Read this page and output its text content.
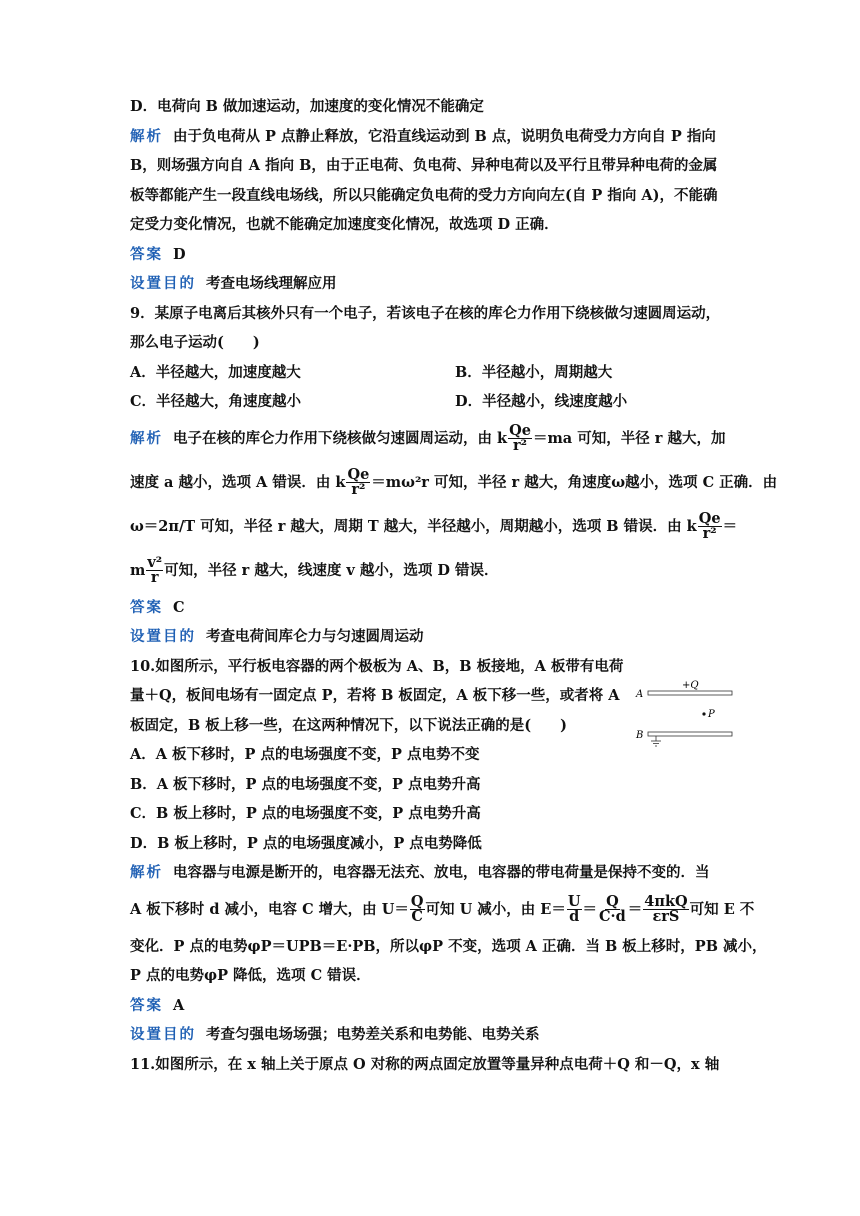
D．电荷向 B 做加速运动，加速度的变化情况不能确定
解析 由于负电荷从 P 点静止释放，它沿直线运动到 B 点，说明负电荷受力方向自 P 指向
B，则场强方向自 A 指向 B，由于正电荷、负电荷、异种电荷以及平行且带异种电荷的金属
板等都能产生一段直线电场线，所以只能确定负电荷的受力方向向左(自 P 指向 A)，不能确
定受力变化情况，也就不能确定加速度变化情况，故选项 D 正确．
答案 D
设置目的 考查电场线理解应用
9．某原子电离后其核外只有一个电子，若该电子在核的库仑力作用下绕核做匀速圆周运动，
那么电子运动(　　)
A．半径越大，加速度越大	B．半径越小，周期越大
C．半径越大，角速度越小	D．半径越小，线速度越小
解析 电子在核的库仑力作用下绕核做匀速圆周运动，由 k $\frac{Qe}{\text{r²}} =ma$ 可知，半径 r 越大，加
速度 a 越小，选项 A 错误．由 k $\frac{Qe}{\text{r²}} =m\omega^2r$ 可知，半径 r 越大，角速度ω越小，选项 C 正确．由
ω＝2π/T 可知，半径 r 越大，周期 T 越大，半径越小，周期越小，选项 B 错误．由 k $\frac{Qe}{\text{r²}}$ ＝
m $\frac{\text{v²}}{r}$ 可知，半径 r 越大，线速度 v 越小，选项 D 错误．
答案 C
设置目的 考查电荷间库仑力与匀速圆周运动
10.如图所示，平行板电容器的两个极板为 A、B，B 板接地，A 板带有电荷
量＋Q，板间电场有一固定点 P，若将 B 板固定，A 板下移一些，或者将 A
板固定，B 板上移一些，在这两种情况下，以下说法正确的是(　　)
A．A 板下移时，P 点的电场强度不变，P 点电势不变
B．A 板下移时，P 点的电场强度不变，P 点电势升高
C．B 板上移时，P 点的电场强度不变，P 点电势升高
D．B 板上移时，P 点的电场强度减小，P 点电势降低
解析 电容器与电源是断开的，电容器无法充、放电，电容器的带电荷量是保持不变的．当
A 板下移时 d 减小，电容 C 增大，由 $U= \frac{Q}{C}$ 可知 U 减小，由 $E= \frac{U}{d} = \frac{Q}{C\cdot d} = \frac{\text{4πkQ}}{\text{εrS}}$ 可知 E 不
变化．P 点的电势φP＝UPB＝E·PB，所以φP 不变，选项 A 正确．当 B 板上移时，PB 减小，
P 点的电势φP 降低，选项 C 错误．
答案 A
设置目的 考查匀强电场场强；电势差关系和电势能、电势关系
11.如图所示，在 x 轴上关于原点 O 对称的两点固定放置等量异种点电荷＋Q 和－Q，x 轴
+Q
A
P
B
